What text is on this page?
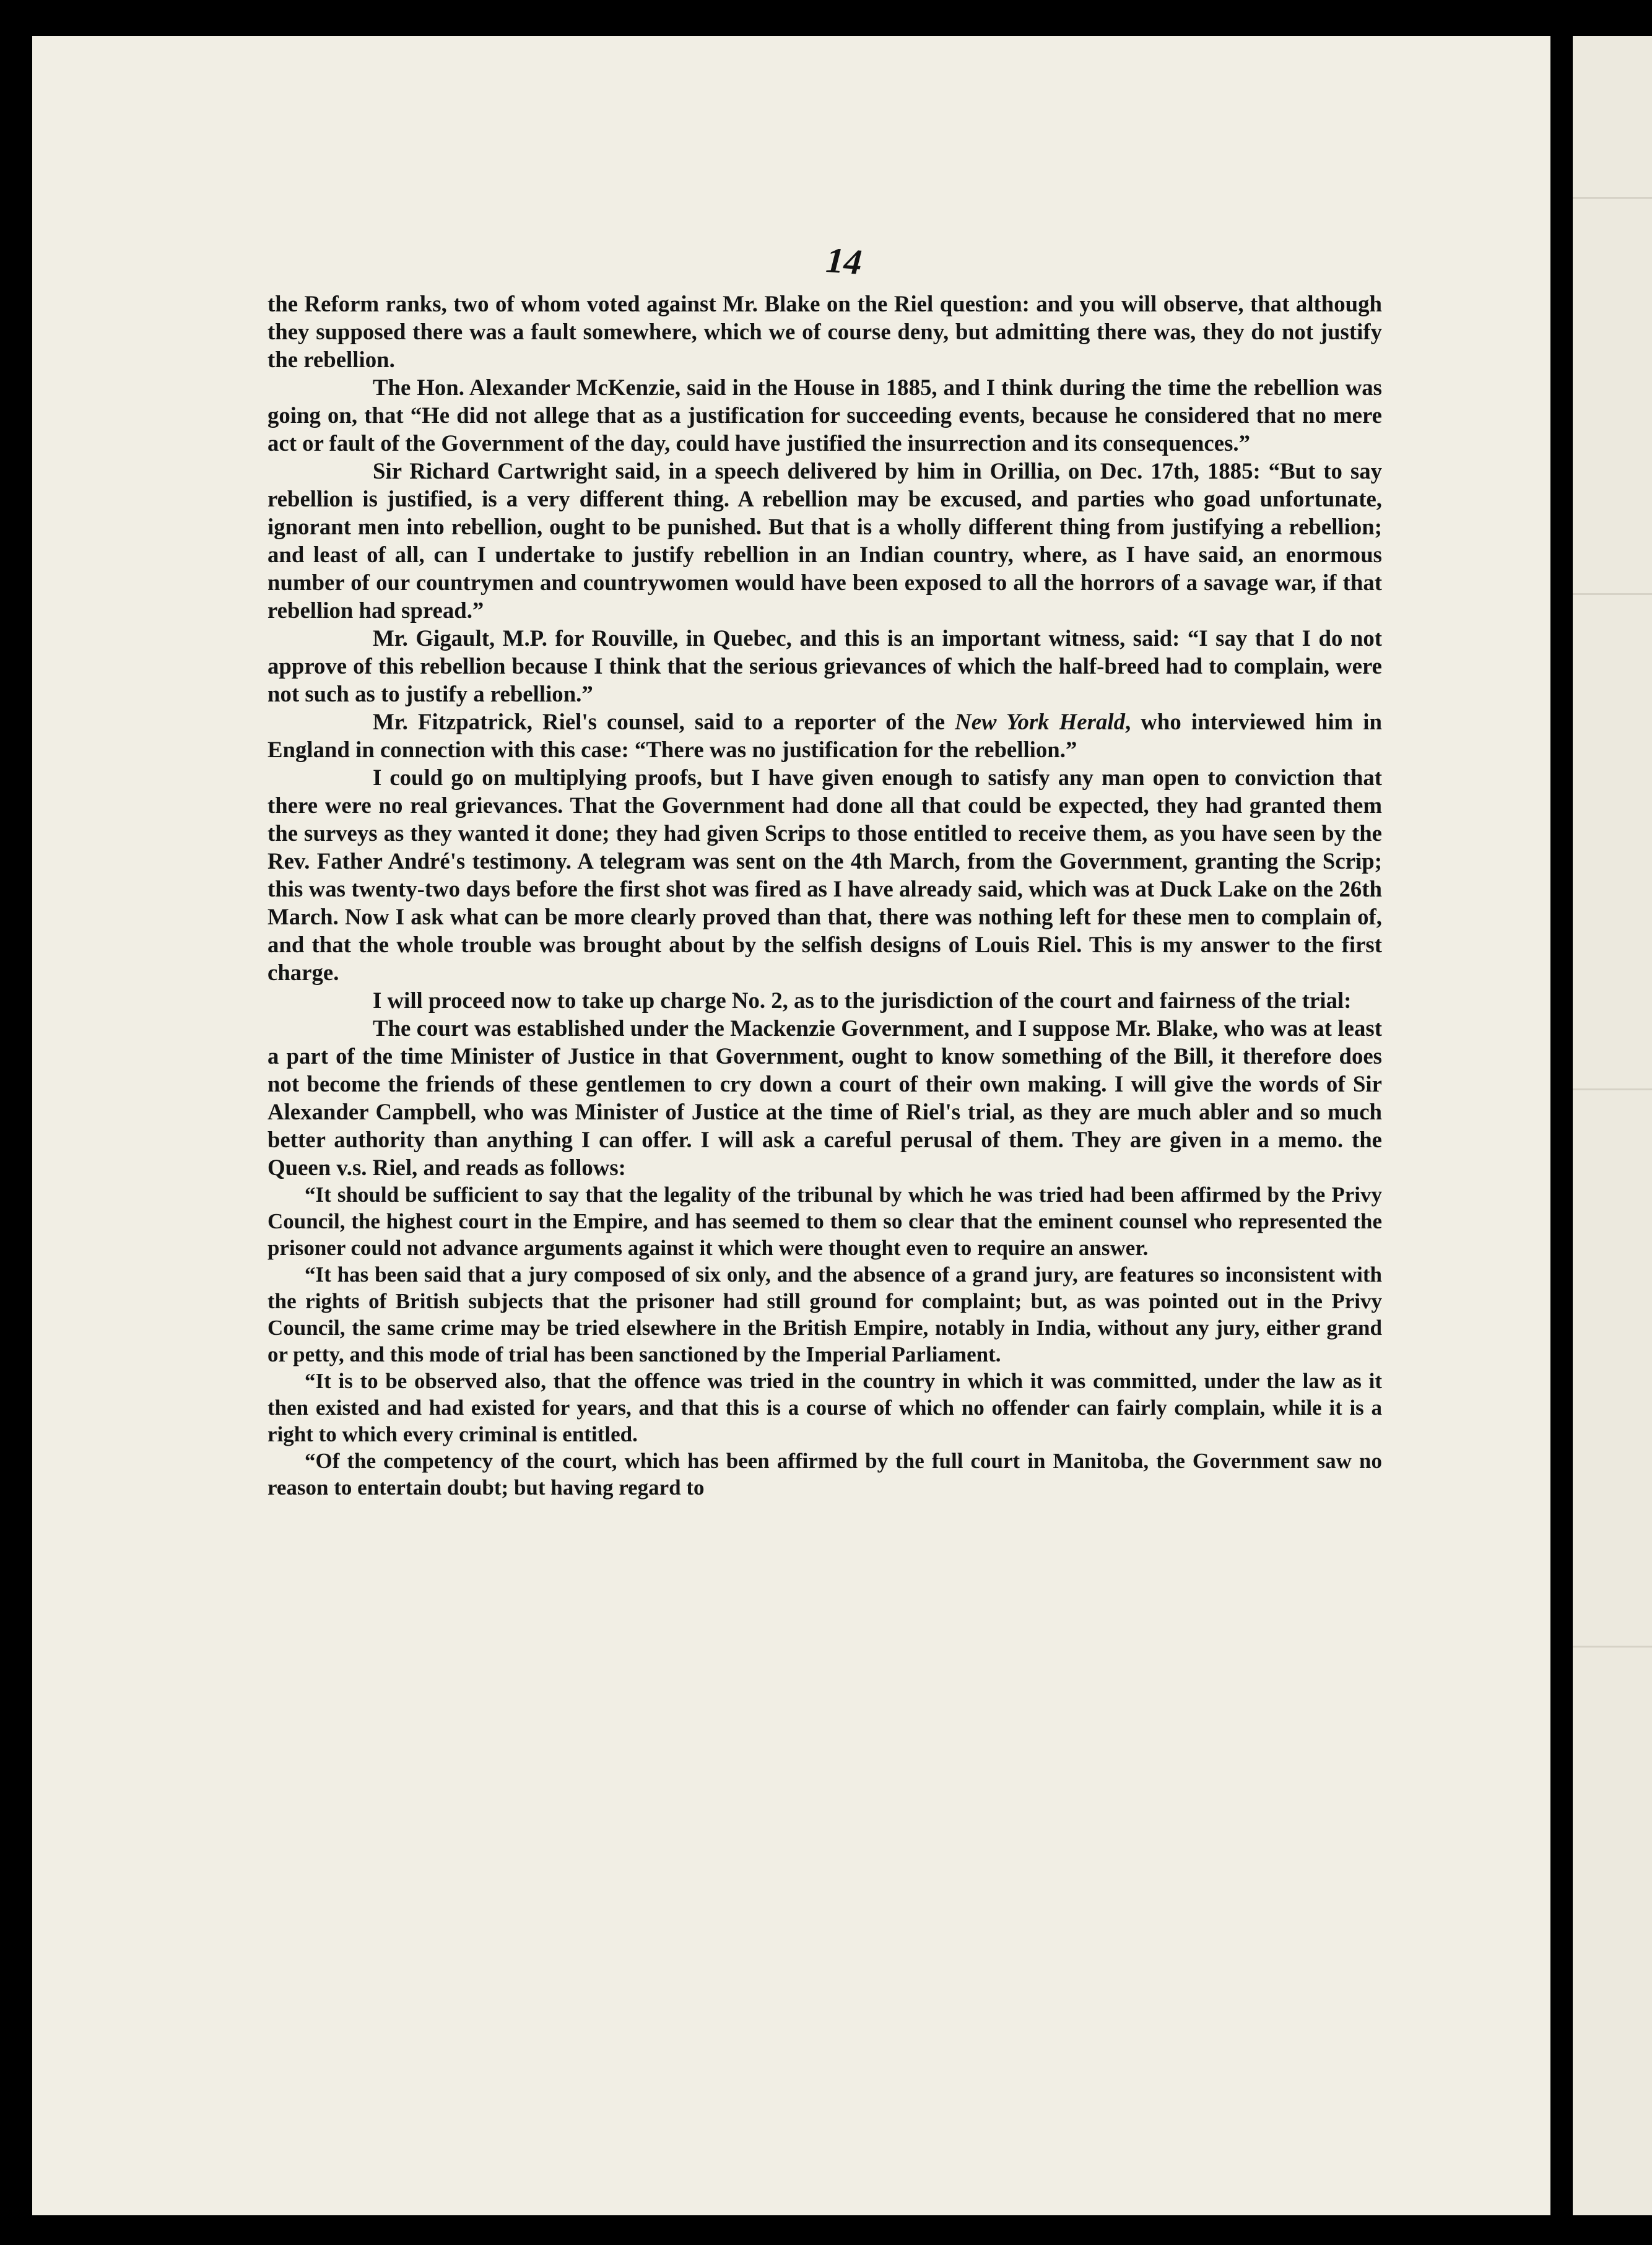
14

the Reform ranks, two of whom voted against Mr. Blake on the Riel question: and you will observe, that although they supposed there was a fault somewhere, which we of course deny, but admitting there was, they do not justify the rebellion.

The Hon. Alexander McKenzie, said in the House in 1885, and I think during the time the rebellion was going on, that “He did not allege that as a justification for succeeding events, because he considered that no mere act or fault of the Government of the day, could have justified the insurrection and its consequences.”

Sir Richard Cartwright said, in a speech delivered by him in Orillia, on Dec. 17th, 1885: “But to say rebellion is justified, is a very different thing. A rebellion may be excused, and parties who goad unfortunate, ignorant men into rebellion, ought to be punished. But that is a wholly different thing from justifying a rebellion; and least of all, can I undertake to justify rebellion in an Indian country, where, as I have said, an enormous number of our countrymen and countrywomen would have been exposed to all the horrors of a savage war, if that rebellion had spread.”

Mr. Gigault, M.P. for Rouville, in Quebec, and this is an important witness, said: “I say that I do not approve of this rebellion because I think that the serious grievances of which the half-breed had to complain, were not such as to justify a rebellion.”

Mr. Fitzpatrick, Riel's counsel, said to a reporter of the New York Herald, who interviewed him in England in connection with this case: “There was no justification for the rebellion.”

I could go on multiplying proofs, but I have given enough to satisfy any man open to conviction that there were no real grievances. That the Government had done all that could be expected, they had granted them the surveys as they wanted it done; they had given Scrips to those entitled to receive them, as you have seen by the Rev. Father André's testimony. A telegram was sent on the 4th March, from the Government, granting the Scrip; this was twenty-two days before the first shot was fired as I have already said, which was at Duck Lake on the 26th March. Now I ask what can be more clearly proved than that, there was nothing left for these men to complain of, and that the whole trouble was brought about by the selfish designs of Louis Riel. This is my answer to the first charge.

I will proceed now to take up charge No. 2, as to the jurisdiction of the court and fairness of the trial:

The court was established under the Mackenzie Government, and I suppose Mr. Blake, who was at least a part of the time Minister of Justice in that Government, ought to know something of the Bill, it therefore does not become the friends of these gentlemen to cry down a court of their own making. I will give the words of Sir Alexander Campbell, who was Minister of Justice at the time of Riel's trial, as they are much abler and so much better authority than anything I can offer. I will ask a careful perusal of them. They are given in a memo. the Queen v.s. Riel, and reads as follows:

“It should be sufficient to say that the legality of the tribunal by which he was tried had been affirmed by the Privy Council, the highest court in the Empire, and has seemed to them so clear that the eminent counsel who represented the prisoner could not advance arguments against it which were thought even to require an answer.

“It has been said that a jury composed of six only, and the absence of a grand jury, are features so inconsistent with the rights of British subjects that the prisoner had still ground for complaint; but, as was pointed out in the Privy Council, the same crime may be tried elsewhere in the British Empire, notably in India, without any jury, either grand or petty, and this mode of trial has been sanctioned by the Imperial Parliament.

“It is to be observed also, that the offence was tried in the country in which it was committed, under the law as it then existed and had existed for years, and that this is a course of which no offender can fairly complain, while it is a right to which every criminal is entitled.

“Of the competency of the court, which has been affirmed by the full court in Manitoba, the Government saw no reason to entertain doubt; but having regard to
